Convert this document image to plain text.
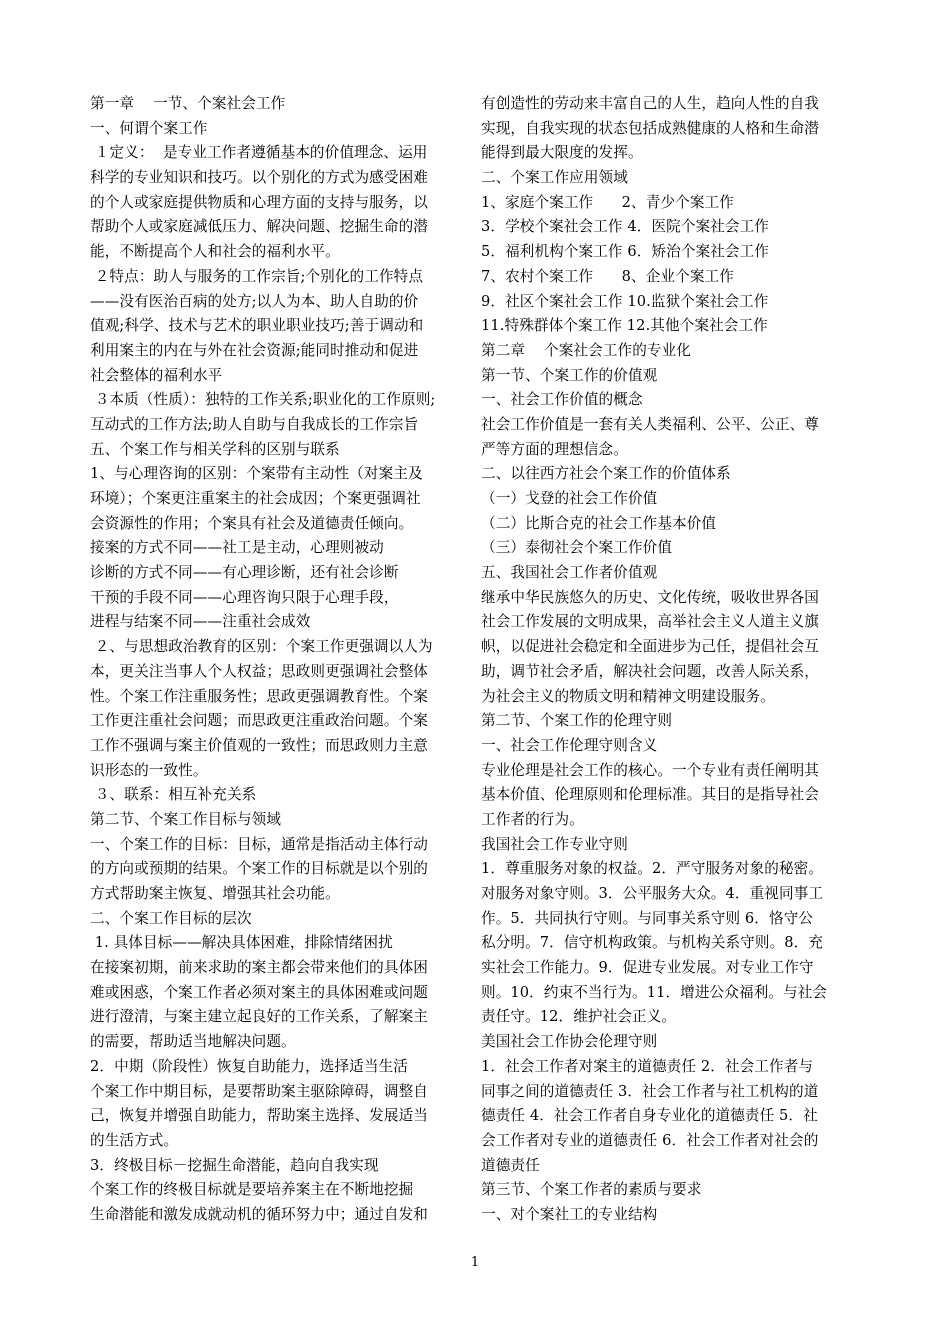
第一章    一节、个案社会工作
一、何谓个案工作
１定义：  是专业工作者遵循基本的价值理念、运用
科学的专业知识和技巧。以个别化的方式为感受困难
的个人或家庭提供物质和心理方面的支持与服务，以
帮助个人或家庭减低压力、解决问题、挖掘生命的潜
能，不断提高个人和社会的福利水平。
２特点：助人与服务的工作宗旨;个别化的工作特点
——没有医治百病的处方;以人为本、助人自助的价
值观;科学、技术与艺术的职业职业技巧;善于调动和
利用案主的内在与外在社会资源;能同时推动和促进
社会整体的福利水平
３本质（性质）：独特的工作关系;职业化的工作原则;
互动式的工作方法;助人自助与自我成长的工作宗旨
五、个案工作与相关学科的区别与联系
1、与心理咨询的区别：个案带有主动性（对案主及
环境）；个案更注重案主的社会成因；个案更强调社
会资源性的作用；个案具有社会及道德责任倾向。
接案的方式不同——社工是主动，心理则被动
诊断的方式不同——有心理诊断，还有社会诊断
干预的手段不同——心理咨询只限于心理手段，
进程与结案不同——注重社会成效
２、与思想政治教育的区别：个案工作更强调以人为
本，更关注当事人个人权益；思政则更强调社会整体
性。个案工作注重服务性；思政更强调教育性。个案
工作更注重社会问题；而思政更注重政治问题。个案
工作不强调与案主价值观的一致性；而思政则力主意
识形态的一致性。
３、联系：相互补充关系
第二节、个案工作目标与领域
一、个案工作的目标：目标，通常是指活动主体行动
的方向或预期的结果。个案工作的目标就是以个别的
方式帮助案主恢复、增强其社会功能。
二、个案工作目标的层次
1. 具体目标——解决具体困难，排除情绪困扰
在接案初期，前来求助的案主都会带来他们的具体困
难或困惑，个案工作者必须对案主的具体困难或问题
进行澄清，与案主建立起良好的工作关系，了解案主
的需要，帮助适当地解决问题。
2．中期（阶段性）恢复自助能力，选择适当生活
个案工作中期目标，是要帮助案主驱除障碍，调整自
己，恢复并增强自助能力，帮助案主选择、发展适当
的生活方式。
3．终极目标－挖掘生命潜能，趋向自我实现
个案工作的终极目标就是要培养案主在不断地挖掘
生命潜能和激发成就动机的循环努力中；通过自发和
有创造性的劳动来丰富自己的人生，趋向人性的自我
实现，自我实现的状态包括成熟健康的人格和生命潜
能得到最大限度的发挥。
二、个案工作应用领域
1、家庭个案工作      2、青少个案工作
3．学校个案社会工作 4．医院个案社会工作
5．福利机构个案工作 6．矫治个案社会工作
7、农村个案工作      8、企业个案工作
9．社区个案社会工作 10.监狱个案社会工作
11.特殊群体个案工作 12.其他个案社会工作
第二章    个案社会工作的专业化
第一节、个案工作的价值观
一、社会工作价值的概念
社会工作价值是一套有关人类福利、公平、公正、尊
严等方面的理想信念。
二、以往西方社会个案工作的价值体系
（一）戈登的社会工作价值
（二）比斯合克的社会工作基本价值
（三）泰彻社会个案工作价值
五、我国社会工作者价值观
继承中华民族悠久的历史、文化传统，吸收世界各国
社会工作发展的文明成果，高举社会主义人道主义旗
帜，以促进社会稳定和全面进步为己任，提倡社会互
助，调节社会矛盾，解决社会问题，改善人际关系，
为社会主义的物质文明和精神文明建设服务。
第二节、个案工作的伦理守则
一、社会工作伦理守则含义
专业伦理是社会工作的核心。一个专业有责任阐明其
基本价值、伦理原则和伦理标准。其目的是指导社会
工作者的行为。
我国社会工作专业守则
1．尊重服务对象的权益。2．严守服务对象的秘密。
对服务对象守则。3．公平服务大众。4．重视同事工
作。5．共同执行守则。与同事关系守则 6．恪守公
私分明。7．信守机构政策。与机构关系守则。8．充
实社会工作能力。9．促进专业发展。对专业工作守
则。10．约束不当行为。11．增进公众福利。与社会
责任守。12．维护社会正义。
美国社会工作协会伦理守则
1．社会工作者对案主的道德责任 2．社会工作者与
同事之间的道德责任 3．社会工作者与社工机构的道
德责任 4．社会工作者自身专业化的道德责任 5．社
会工作者对专业的道德责任 6．社会工作者对社会的
道德责任
第三节、个案工作者的素质与要求
一、对个案社工的专业结构
1
